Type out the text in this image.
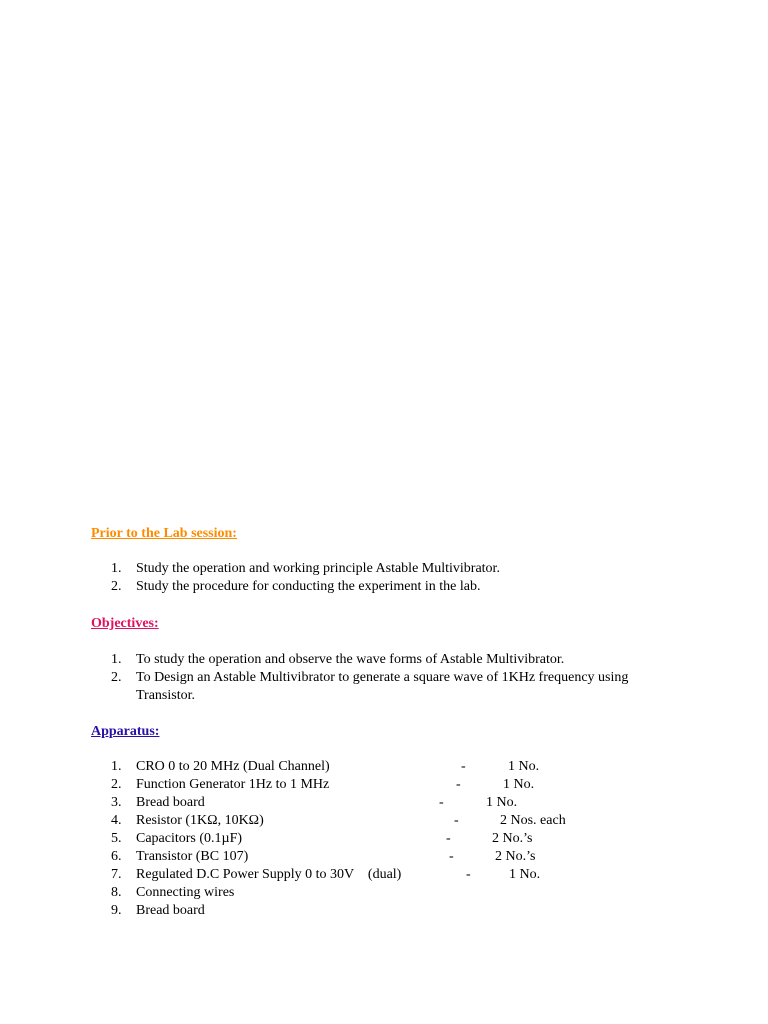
Prior to the Lab session:
1. Study the operation and working principle Astable Multivibrator.
2. Study the procedure for conducting the experiment in the lab.
Objectives:
1. To study the operation and observe the wave forms of Astable Multivibrator.
2. To Design an Astable Multivibrator to generate a square wave of 1KHz frequency using Transistor.
Apparatus:
1. CRO 0 to 20 MHz (Dual Channel)	-	1 No.
2. Function Generator 1Hz to 1 MHz	-	1 No.
3. Bread board	-	1 No.
4. Resistor (1KΩ, 10KΩ)	-	2 Nos. each
5. Capacitors (0.1µF)	-	2 No.’s
6. Transistor (BC 107)	-	2 No.’s
7. Regulated D.C Power Supply 0 to 30V    (dual)	-	1 No.
8. Connecting wires
9. Bread board
